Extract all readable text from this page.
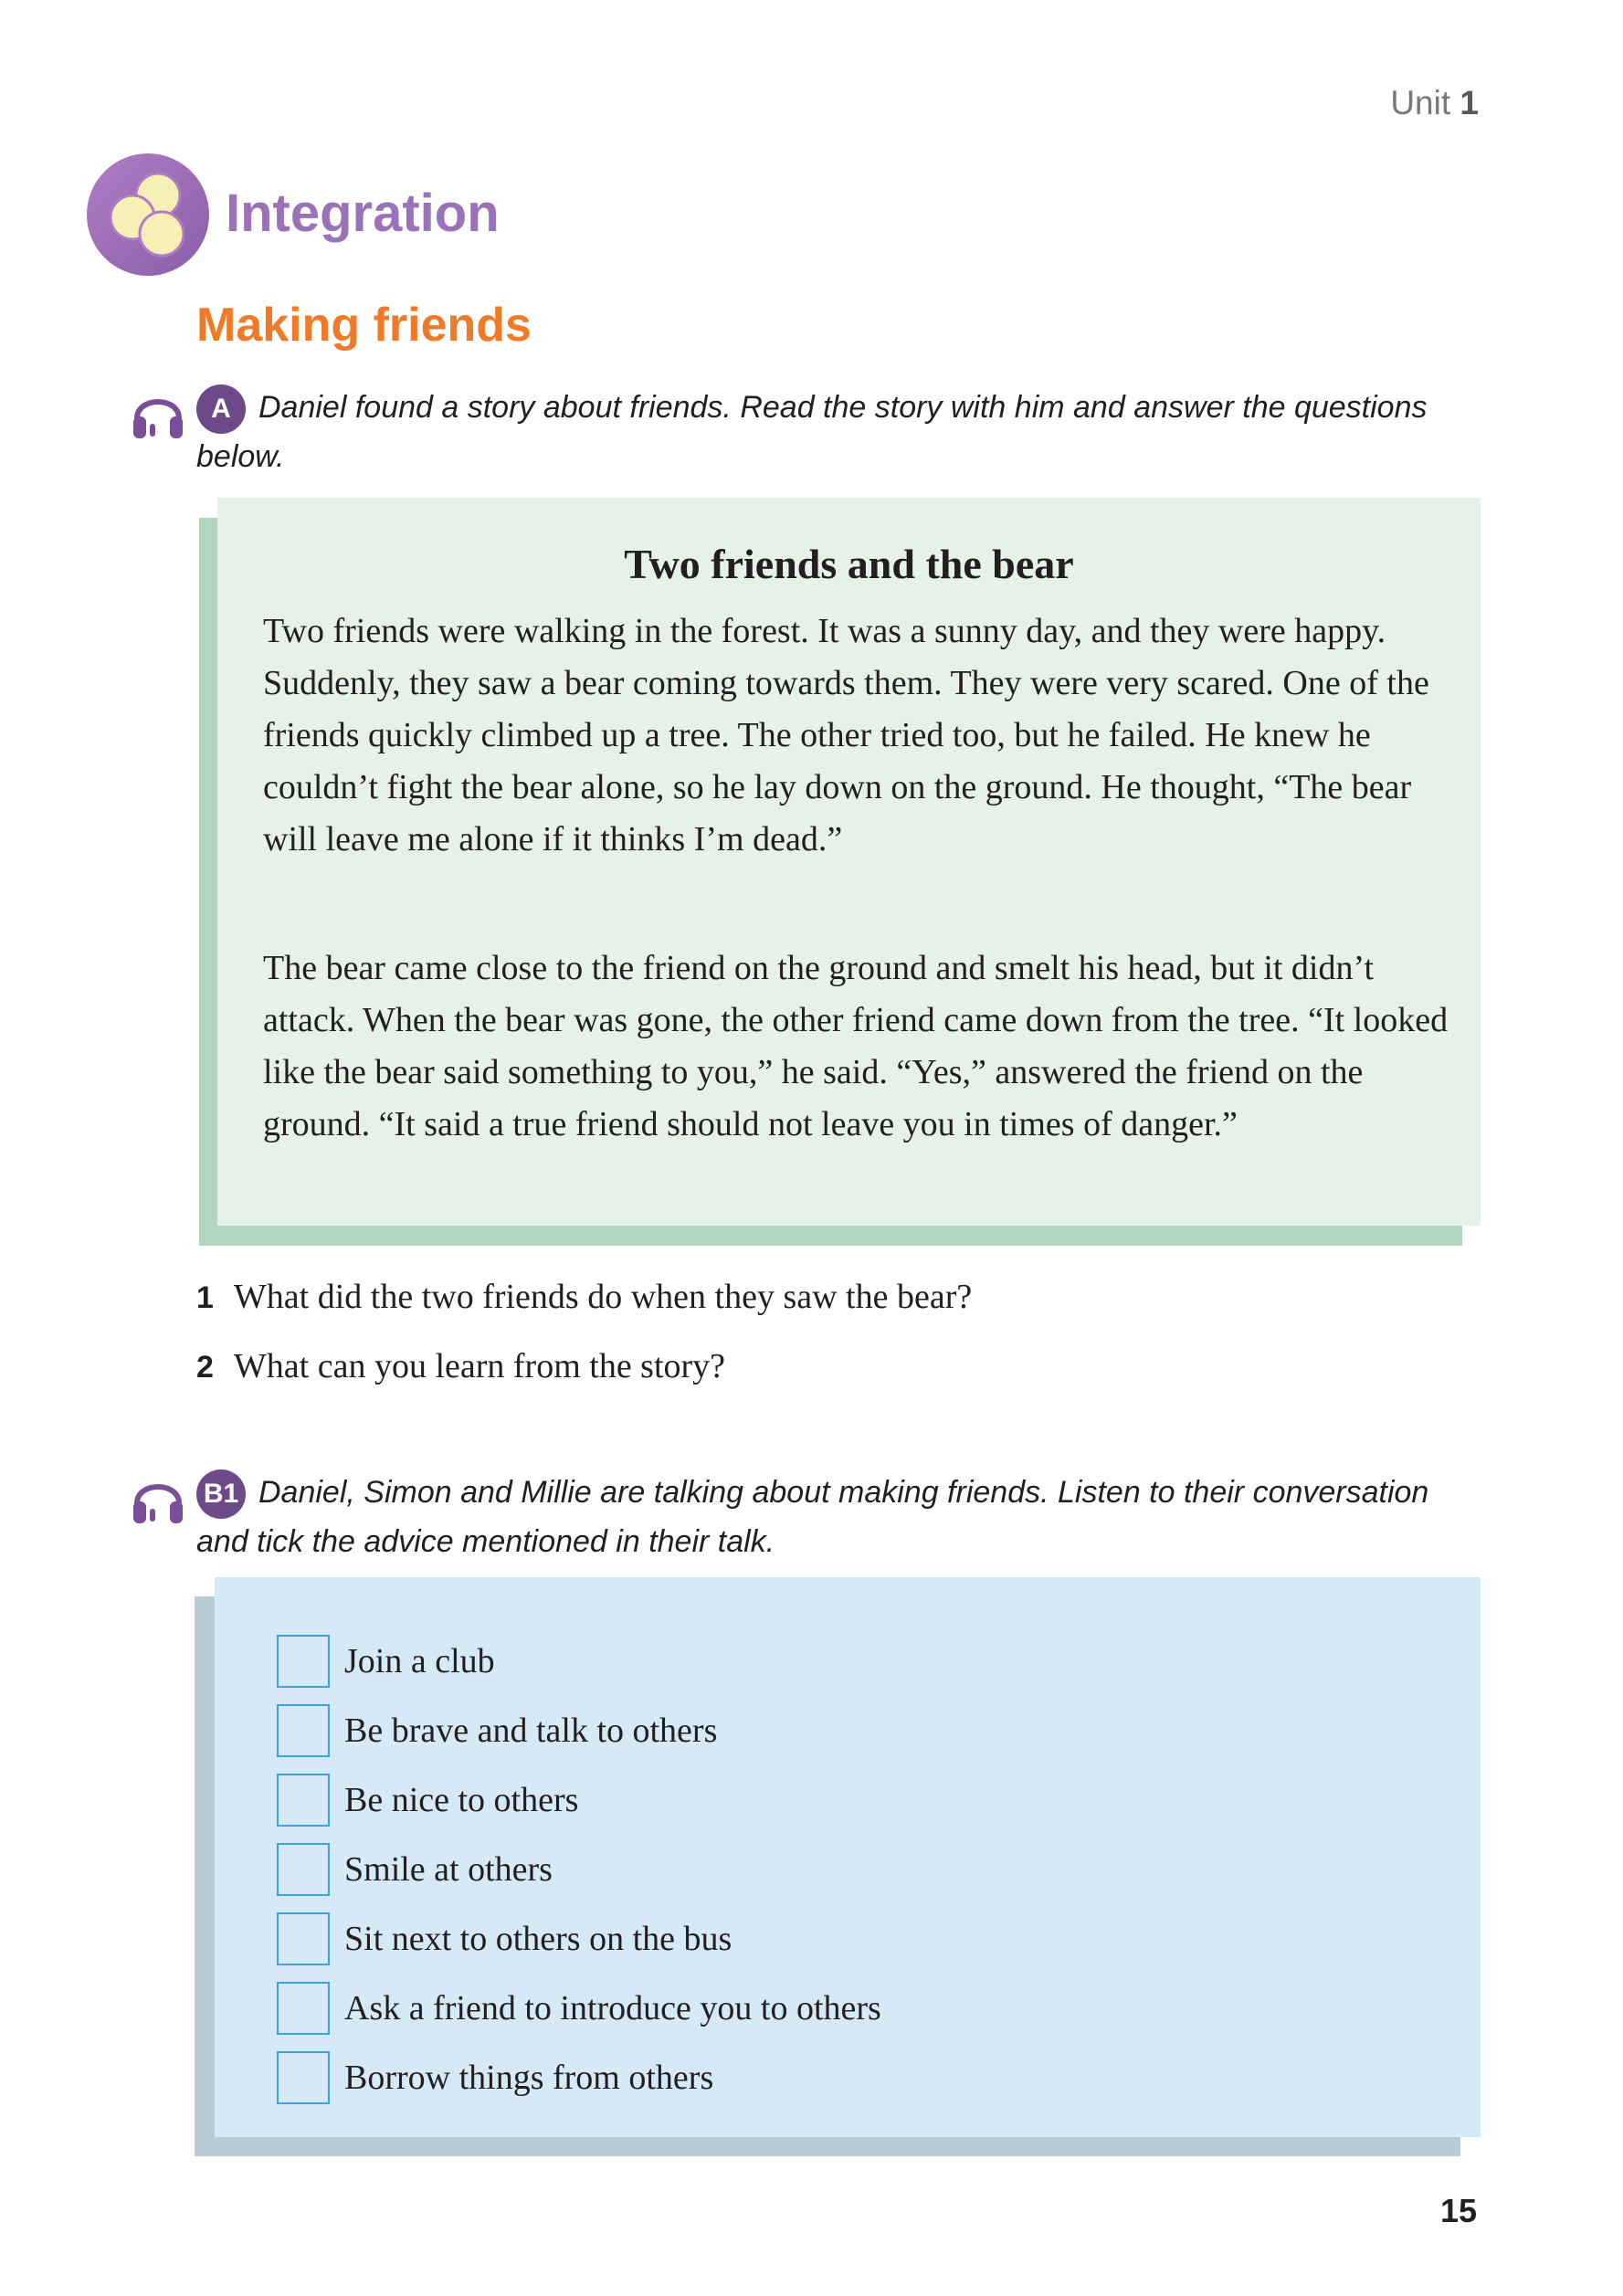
Unit 1
Integration
Making friends
A Daniel found a story about friends. Read the story with him and answer the questions below.
Two friends and the bear
Two friends were walking in the forest. It was a sunny day, and they were happy. Suddenly, they saw a bear coming towards them. They were very scared. One of the friends quickly climbed up a tree. The other tried too, but he failed. He knew he couldn’t fight the bear alone, so he lay down on the ground. He thought, “The bear will leave me alone if it thinks I’m dead.”
The bear came close to the friend on the ground and smelt his head, but it didn’t attack. When the bear was gone, the other friend came down from the tree. “It looked like the bear said something to you,” he said. “Yes,” answered the friend on the ground. “It said a true friend should not leave you in times of danger.”
1 What did the two friends do when they saw the bear?
2 What can you learn from the story?
B1 Daniel, Simon and Millie are talking about making friends. Listen to their conversation and tick the advice mentioned in their talk.
Join a club
Be brave and talk to others
Be nice to others
Smile at others
Sit next to others on the bus
Ask a friend to introduce you to others
Borrow things from others
15
